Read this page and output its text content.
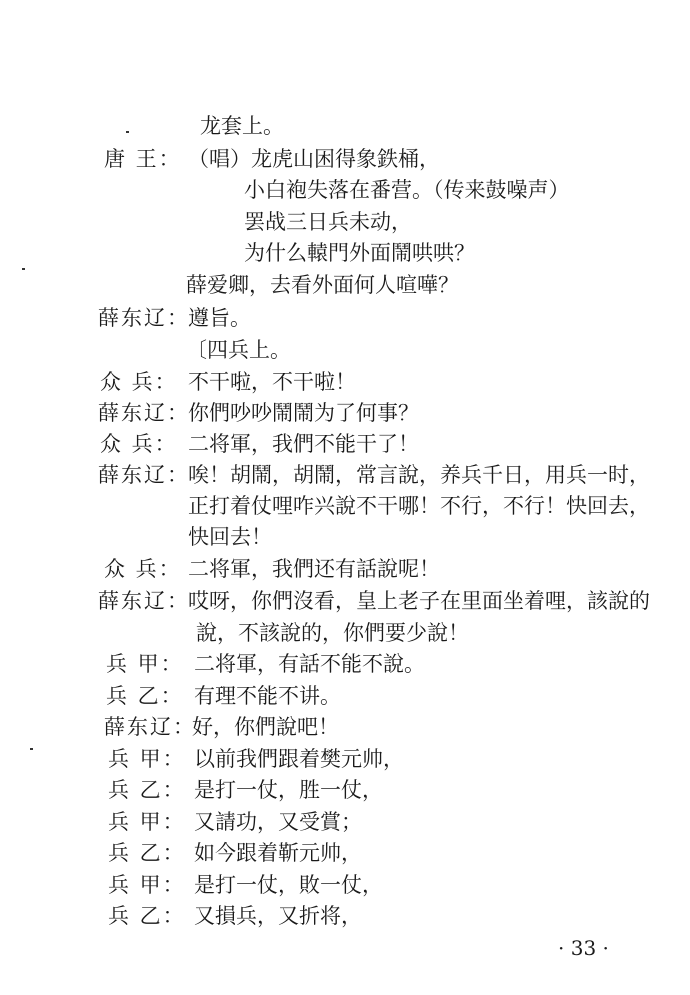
龙套上。
唐 王： （唱）龙虎山困得象鉄桶，
小白袍失落在番营。（传来鼓噪声）
罢战三日兵未动，
为什么轅門外面鬧哄哄？
薛爱卿，去看外面何人喧嘩？
薛东辽：
遵旨。
〔四兵上。
众 兵： 不干啦，不干啦！
薛东辽：
你們吵吵鬧鬧为了何事？
众 兵： 二将軍，我們不能干了！
薛东辽：
唉！胡鬧，胡鬧，常言說，养兵千日，用兵一时，
正打着仗哩咋兴說不干哪！不行，不行！快回去，
快回去！
众 兵： 二将軍，我們还有話說呢！
薛东辽：
哎呀，你們沒看，皇上老子在里面坐着哩，該說的
說，不該說的，你們要少說！
兵 甲： 二将軍，有話不能不說。
兵 乙： 有理不能不讲。
薛东辽：
好，你們說吧！
兵 甲： 以前我們跟着樊元帅，
兵 乙： 是打一仗，胜一仗，
兵 甲： 又請功，又受賞；
兵 乙： 如今跟着靳元帅，
兵 甲： 是打一仗，敗一仗，
兵 乙： 又損兵，又折将，
· 33 ·
